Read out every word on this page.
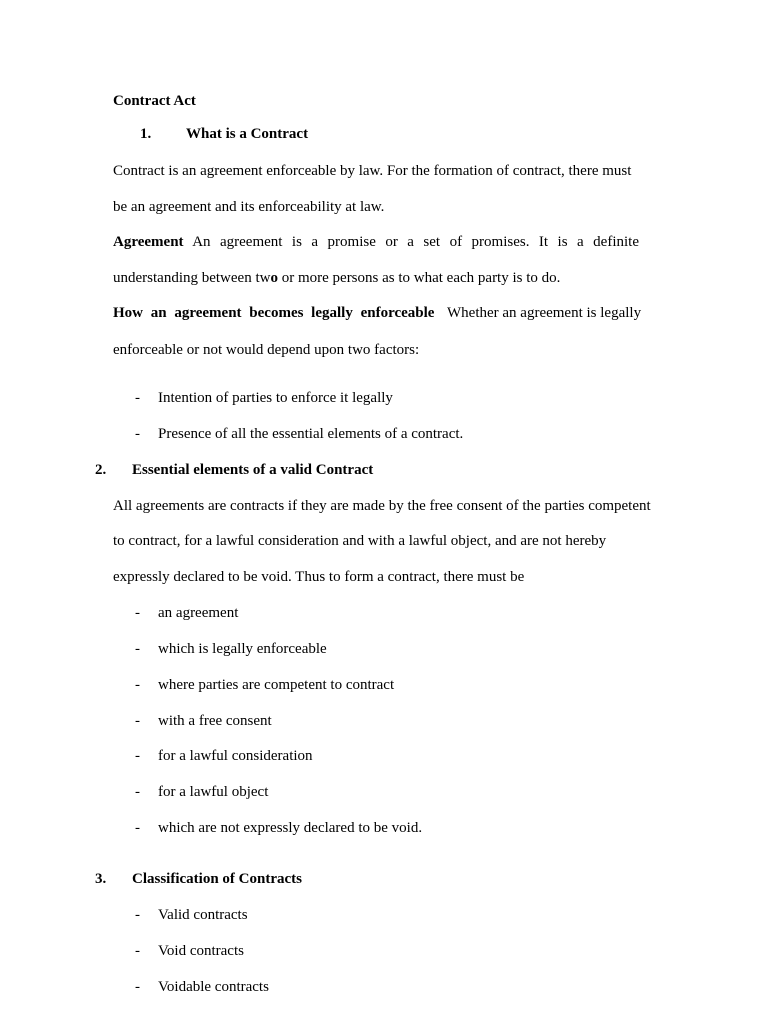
Contract Act
1. What is a Contract
Contract is an agreement enforceable by law. For the formation of contract, there must
be an agreement and its enforceability at law.
Agreement An agreement is a promise or a set of promises. It is a definite
understanding between two or more persons as to what each party is to do.
How an agreement becomes legally enforceable Whether an agreement is legally
enforceable or not would depend upon two factors:
- Intention of parties to enforce it legally
- Presence of all the essential elements of a contract.
2. Essential elements of a valid Contract
All agreements are contracts if they are made by the free consent of the parties competent
to contract, for a lawful consideration and with a lawful object, and are not hereby
expressly declared to be void. Thus to form a contract, there must be
- an agreement
- which is legally enforceable
- where parties are competent to contract
- with a free consent
- for a lawful consideration
- for a lawful object
- which are not expressly declared to be void.
3. Classification of Contracts
- Valid contracts
- Void contracts
- Voidable contracts
